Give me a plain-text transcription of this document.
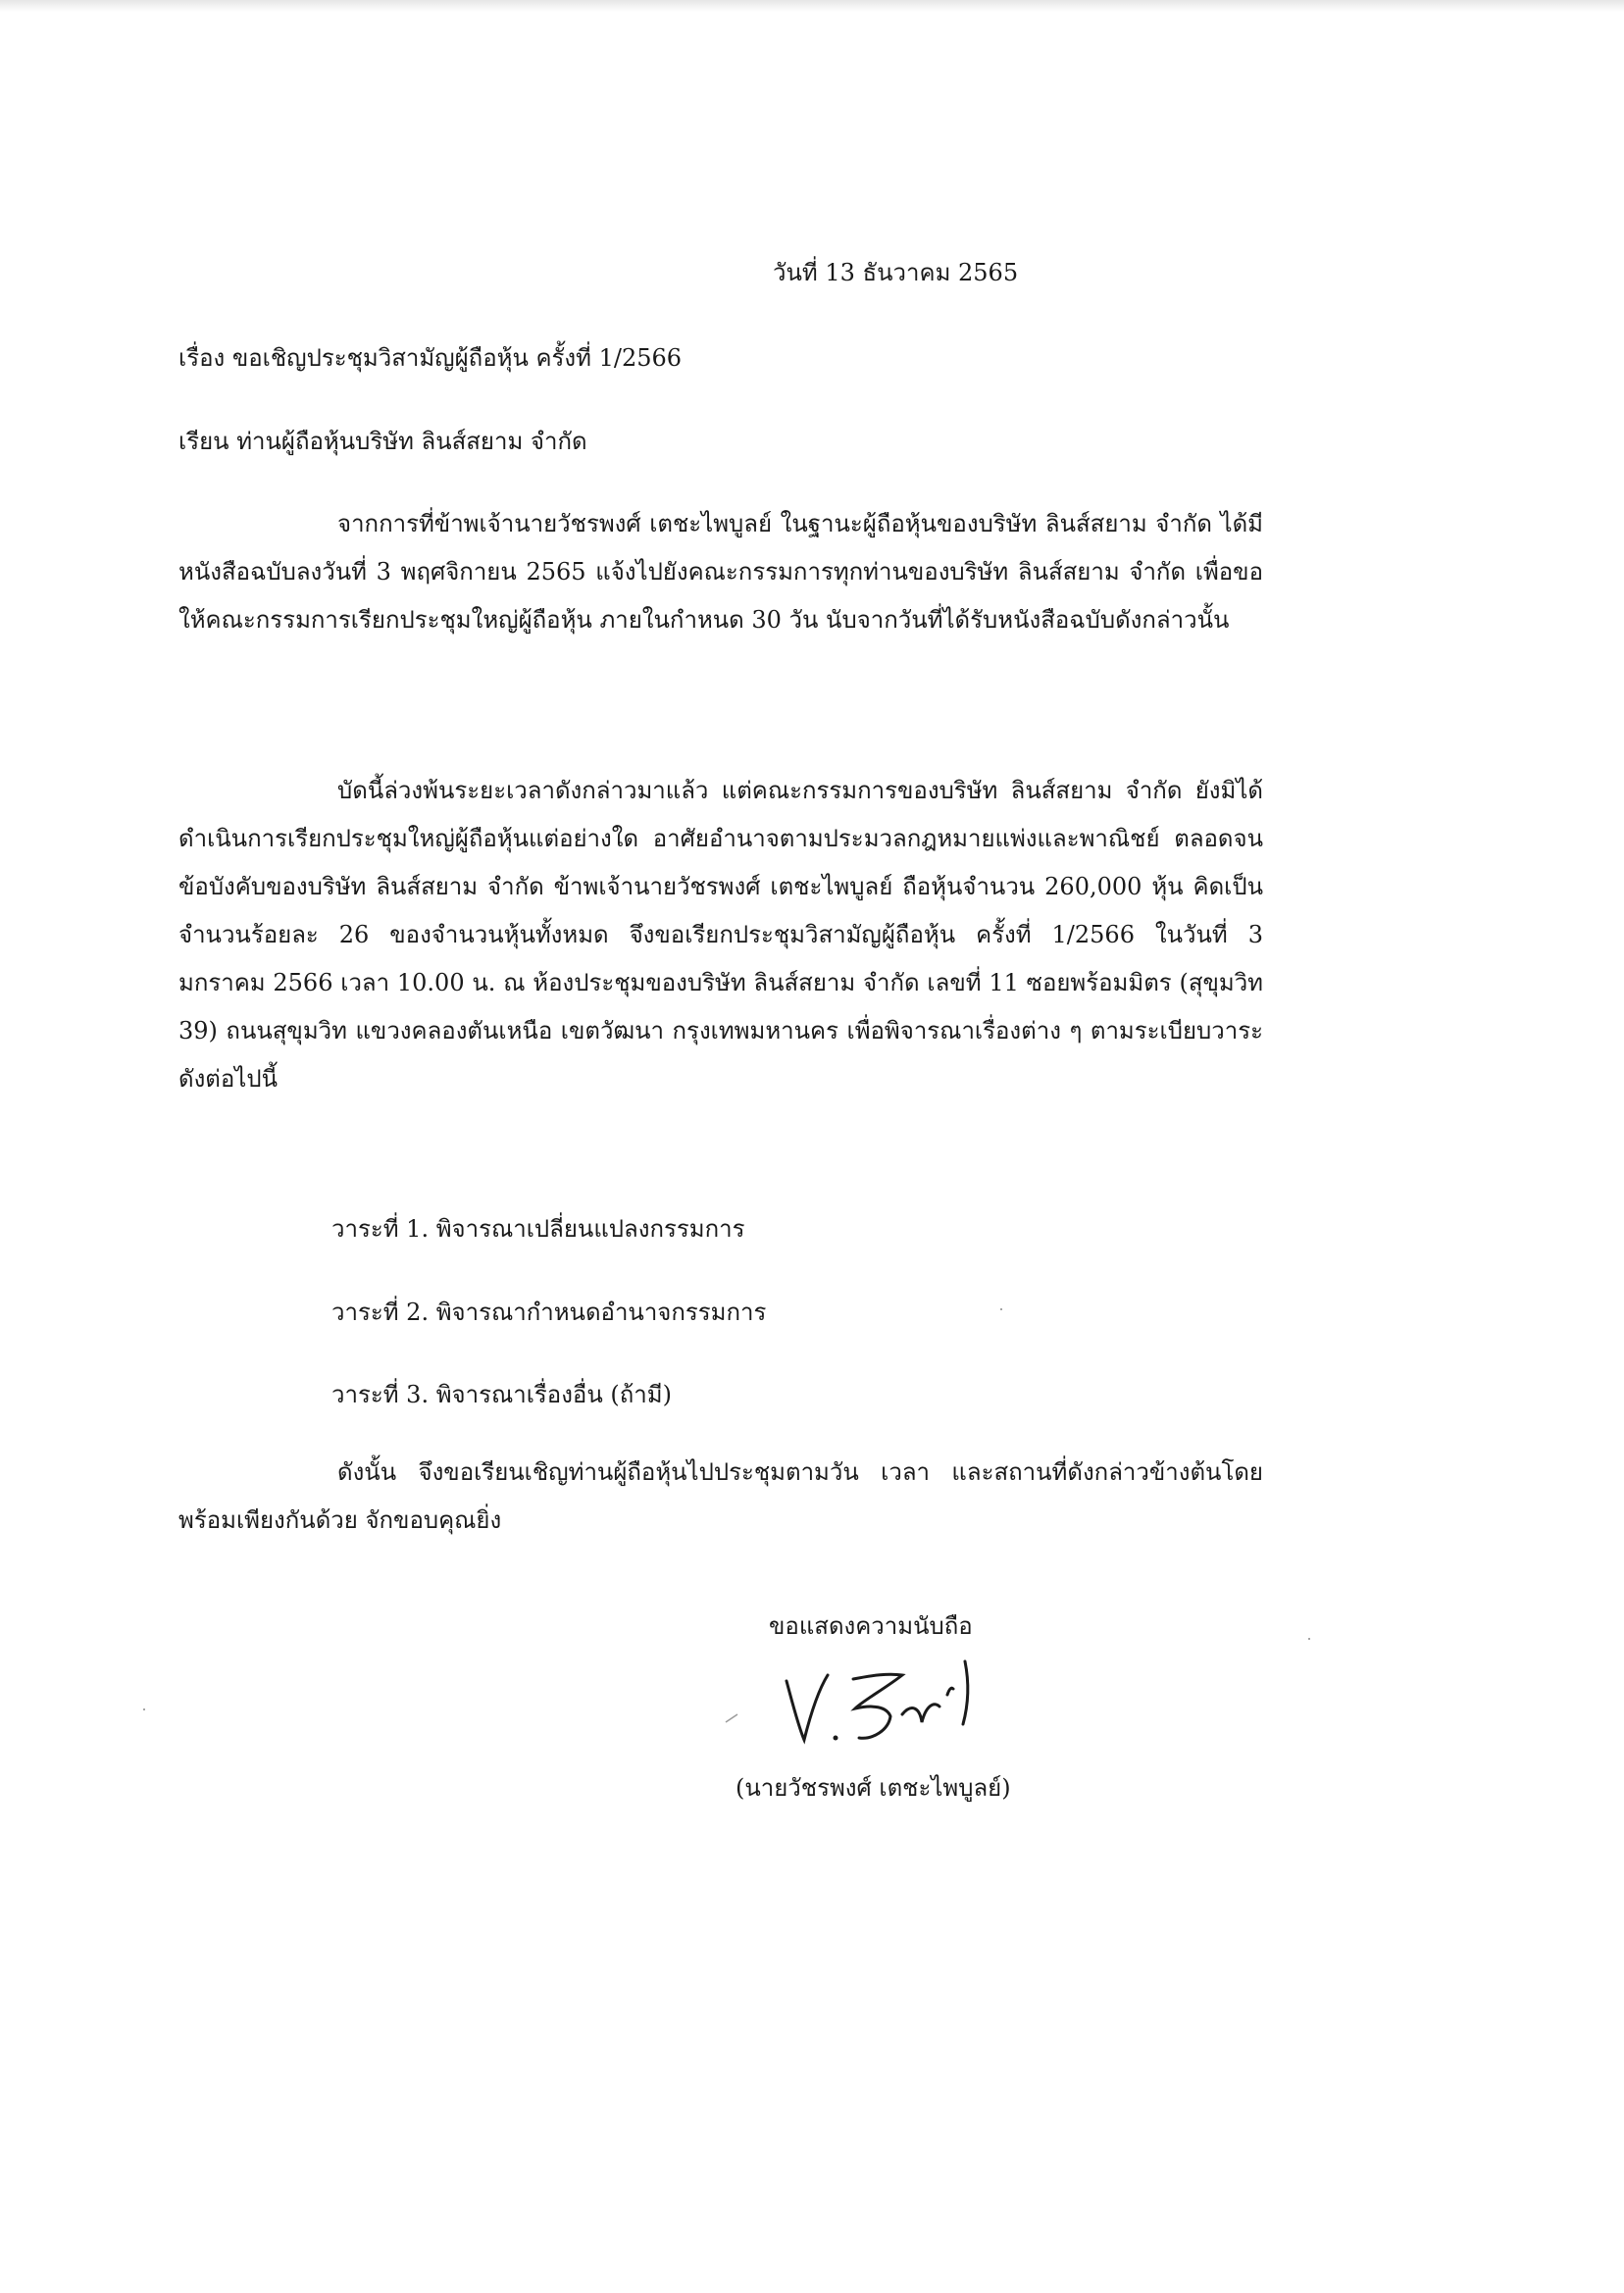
วันที่ 13 ธันวาคม 2565
เรื่อง ขอเชิญประชุมวิสามัญผู้ถือหุ้น ครั้งที่ 1/2566
เรียน ท่านผู้ถือหุ้นบริษัท ลินส์สยาม จำกัด
จากการที่ข้าพเจ้านายวัชรพงศ์ เตชะไพบูลย์ ในฐานะผู้ถือหุ้นของบริษัท ลินส์สยาม จำกัด ได้มีหนังสือฉบับลงวันที่ 3 พฤศจิกายน 2565 แจ้งไปยังคณะกรรมการทุกท่านของบริษัท ลินส์สยาม จำกัด เพื่อขอให้คณะกรรมการเรียกประชุมใหญ่ผู้ถือหุ้น ภายในกำหนด 30 วัน นับจากวันที่ได้รับหนังสือฉบับดังกล่าวนั้น
บัดนี้ล่วงพ้นระยะเวลาดังกล่าวมาแล้ว แต่คณะกรรมการของบริษัท ลินส์สยาม จำกัด ยังมิได้ดำเนินการเรียกประชุมใหญ่ผู้ถือหุ้นแต่อย่างใด อาศัยอำนาจตามประมวลกฎหมายแพ่งและพาณิชย์ ตลอดจนข้อบังคับของบริษัท ลินส์สยาม จำกัด ข้าพเจ้านายวัชรพงศ์ เตชะไพบูลย์ ถือหุ้นจำนวน 260,000 หุ้น คิดเป็นจำนวนร้อยละ 26 ของจำนวนหุ้นทั้งหมด จึงขอเรียกประชุมวิสามัญผู้ถือหุ้น ครั้งที่ 1/2566 ในวันที่ 3 มกราคม 2566 เวลา 10.00 น. ณ ห้องประชุมของบริษัท ลินส์สยาม จำกัด เลขที่ 11 ซอยพร้อมมิตร (สุขุมวิท 39) ถนนสุขุมวิท แขวงคลองตันเหนือ เขตวัฒนา กรุงเทพมหานคร เพื่อพิจารณาเรื่องต่าง ๆ ตามระเบียบวาระดังต่อไปนี้
วาระที่ 1. พิจารณาเปลี่ยนแปลงกรรมการ
วาระที่ 2. พิจารณากำหนดอำนาจกรรมการ
วาระที่ 3. พิจารณาเรื่องอื่น (ถ้ามี)
ดังนั้น จึงขอเรียนเชิญท่านผู้ถือหุ้นไปประชุมตามวัน เวลา และสถานที่ดังกล่าวข้างต้นโดยพร้อมเพียงกันด้วย จักขอบคุณยิ่ง
ขอแสดงความนับถือ
(นายวัชรพงศ์ เตชะไพบูลย์)
